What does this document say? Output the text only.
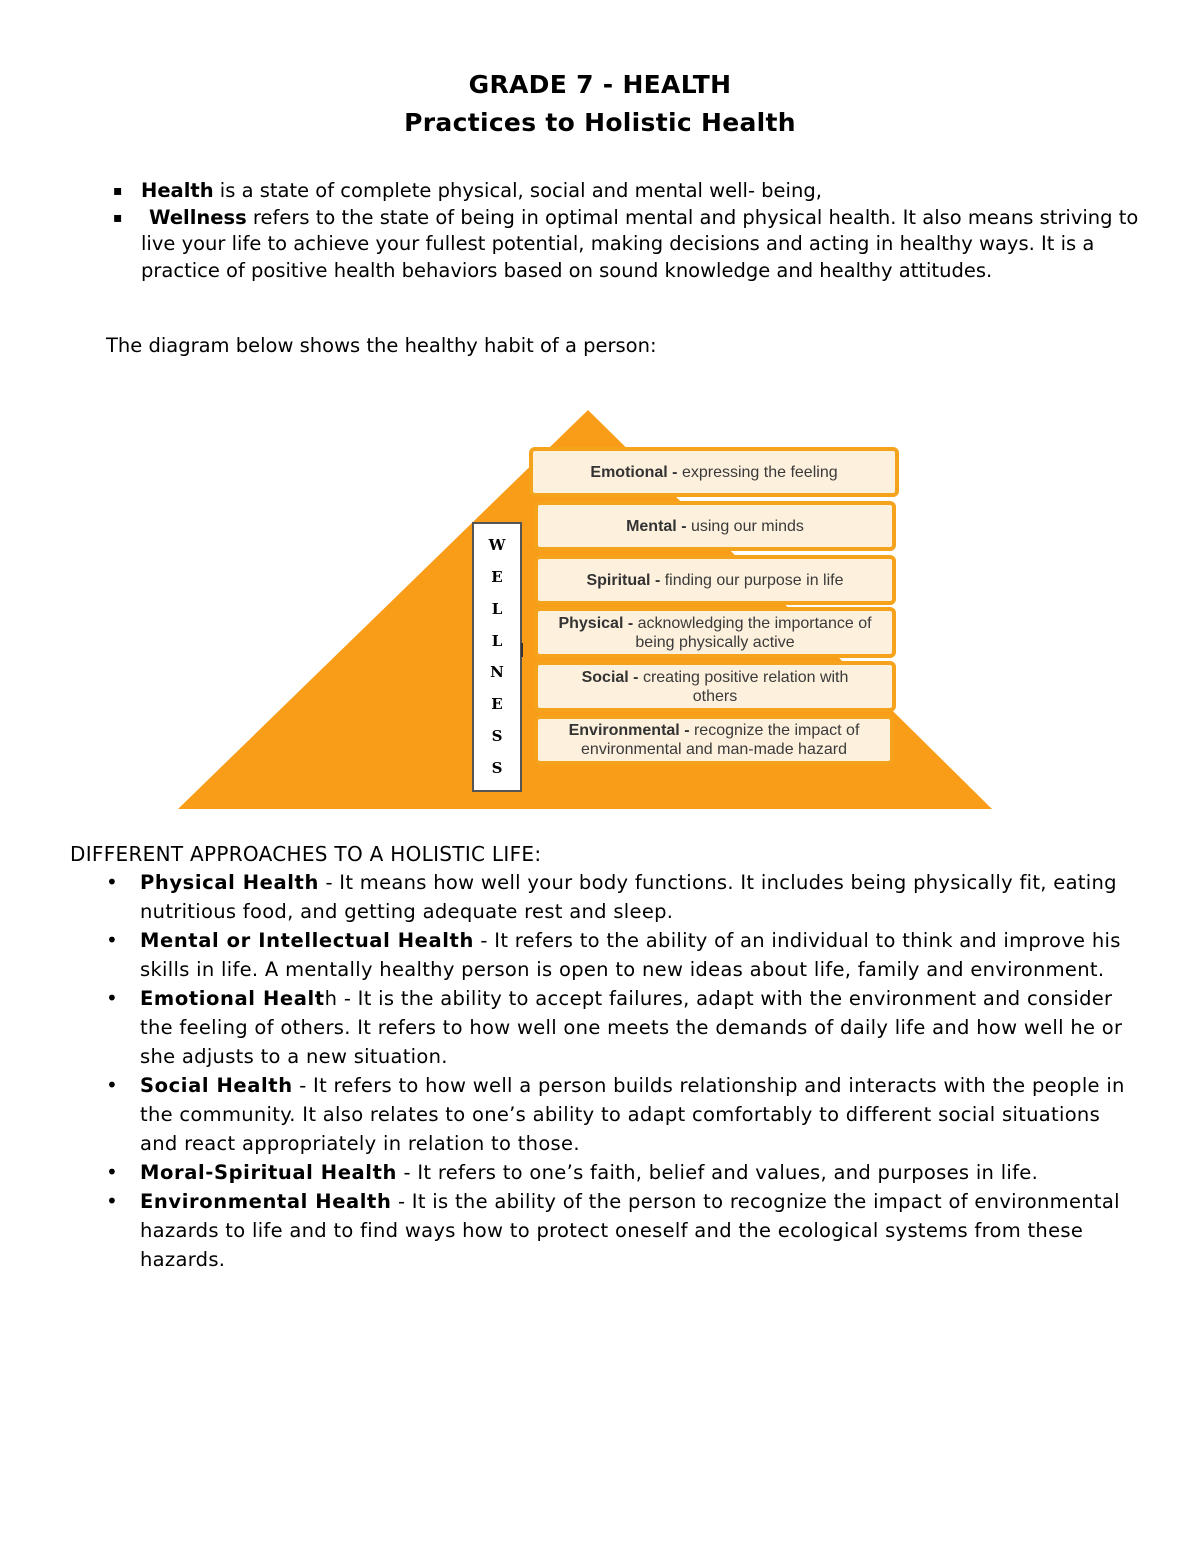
GRADE 7 - HEALTH
Practices to Holistic Health
▪ Health is a state of complete physical, social and mental well- being,
▪ Wellness refers to the state of being in optimal mental and physical health. It also means striving to live your life to achieve your fullest potential, making decisions and acting in healthy ways. It is a practice of positive health behaviors based on sound knowledge and healthy attitudes.
The diagram below shows the healthy habit of a person:
W
E
L
L
N
E
S
S
Emotional - expressing the feeling
Mental - using our minds
Spiritual - finding our purpose in life
Physical - acknowledging the importance of being physically active
Social - creating positive relation with others
Environmental - recognize the impact of environmental and man-made hazard
DIFFERENT APPROACHES TO A HOLISTIC LIFE:
• Physical Health - It means how well your body functions. It includes being physically fit, eating nutritious food, and getting adequate rest and sleep.
• Mental or Intellectual Health - It refers to the ability of an individual to think and improve his skills in life. A mentally healthy person is open to new ideas about life, family and environment.
• Emotional Health - It is the ability to accept failures, adapt with the environment and consider the feeling of others. It refers to how well one meets the demands of daily life and how well he or she adjusts to a new situation.
• Social Health - It refers to how well a person builds relationship and interacts with the people in the community. It also relates to one’s ability to adapt comfortably to different social situations and react appropriately in relation to those.
• Moral-Spiritual Health - It refers to one’s faith, belief and values, and purposes in life.
• Environmental Health - It is the ability of the person to recognize the impact of environmental hazards to life and to find ways how to protect oneself and the ecological systems from these hazards.
